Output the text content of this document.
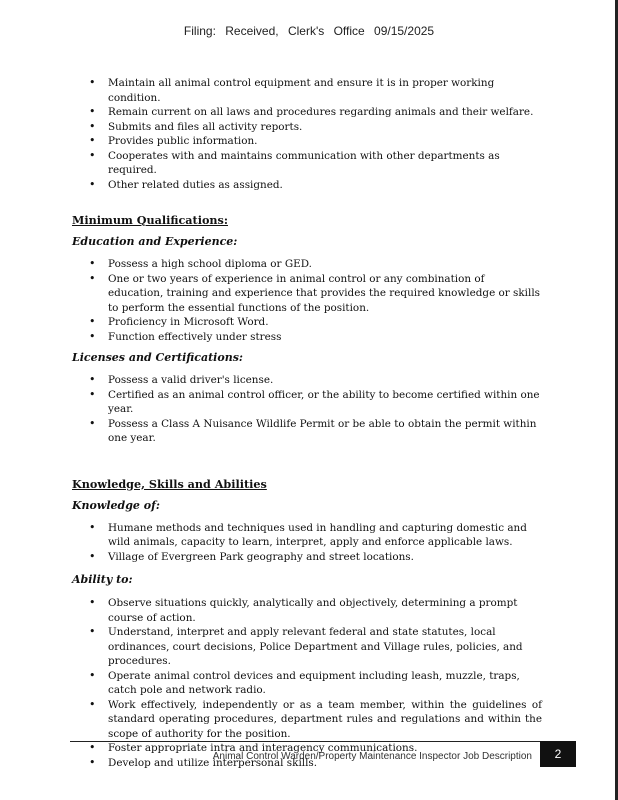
Filing: Received, Clerk's Office 09/15/2025
• Maintain all animal control equipment and ensure it is in proper working condition.
• Remain current on all laws and procedures regarding animals and their welfare.
• Submits and files all activity reports.
• Provides public information.
• Cooperates with and maintains communication with other departments as required.
• Other related duties as assigned.
Minimum Qualifications:
Education and Experience:
• Possess a high school diploma or GED.
• One or two years of experience in animal control or any combination of education, training and experience that provides the required knowledge or skills to perform the essential functions of the position.
• Proficiency in Microsoft Word.
• Function effectively under stress
Licenses and Certifications:
• Possess a valid driver's license.
• Certified as an animal control officer, or the ability to become certified within one year.
• Possess a Class A Nuisance Wildlife Permit or be able to obtain the permit within one year.
Knowledge, Skills and Abilities
Knowledge of:
• Humane methods and techniques used in handling and capturing domestic and wild animals, capacity to learn, interpret, apply and enforce applicable laws.
• Village of Evergreen Park geography and street locations.
Ability to:
• Observe situations quickly, analytically and objectively, determining a prompt course of action.
• Understand, interpret and apply relevant federal and state statutes, local ordinances, court decisions, Police Department and Village rules, policies, and procedures.
• Operate animal control devices and equipment including leash, muzzle, traps, catch pole and network radio.
• Work effectively, independently or as a team member, within the guidelines of standard operating procedures, department rules and regulations and within the scope of authority for the position.
• Foster appropriate intra and interagency communications.
• Develop and utilize interpersonal skills.
Animal Control Warden/Property Maintenance Inspector Job Description	2
